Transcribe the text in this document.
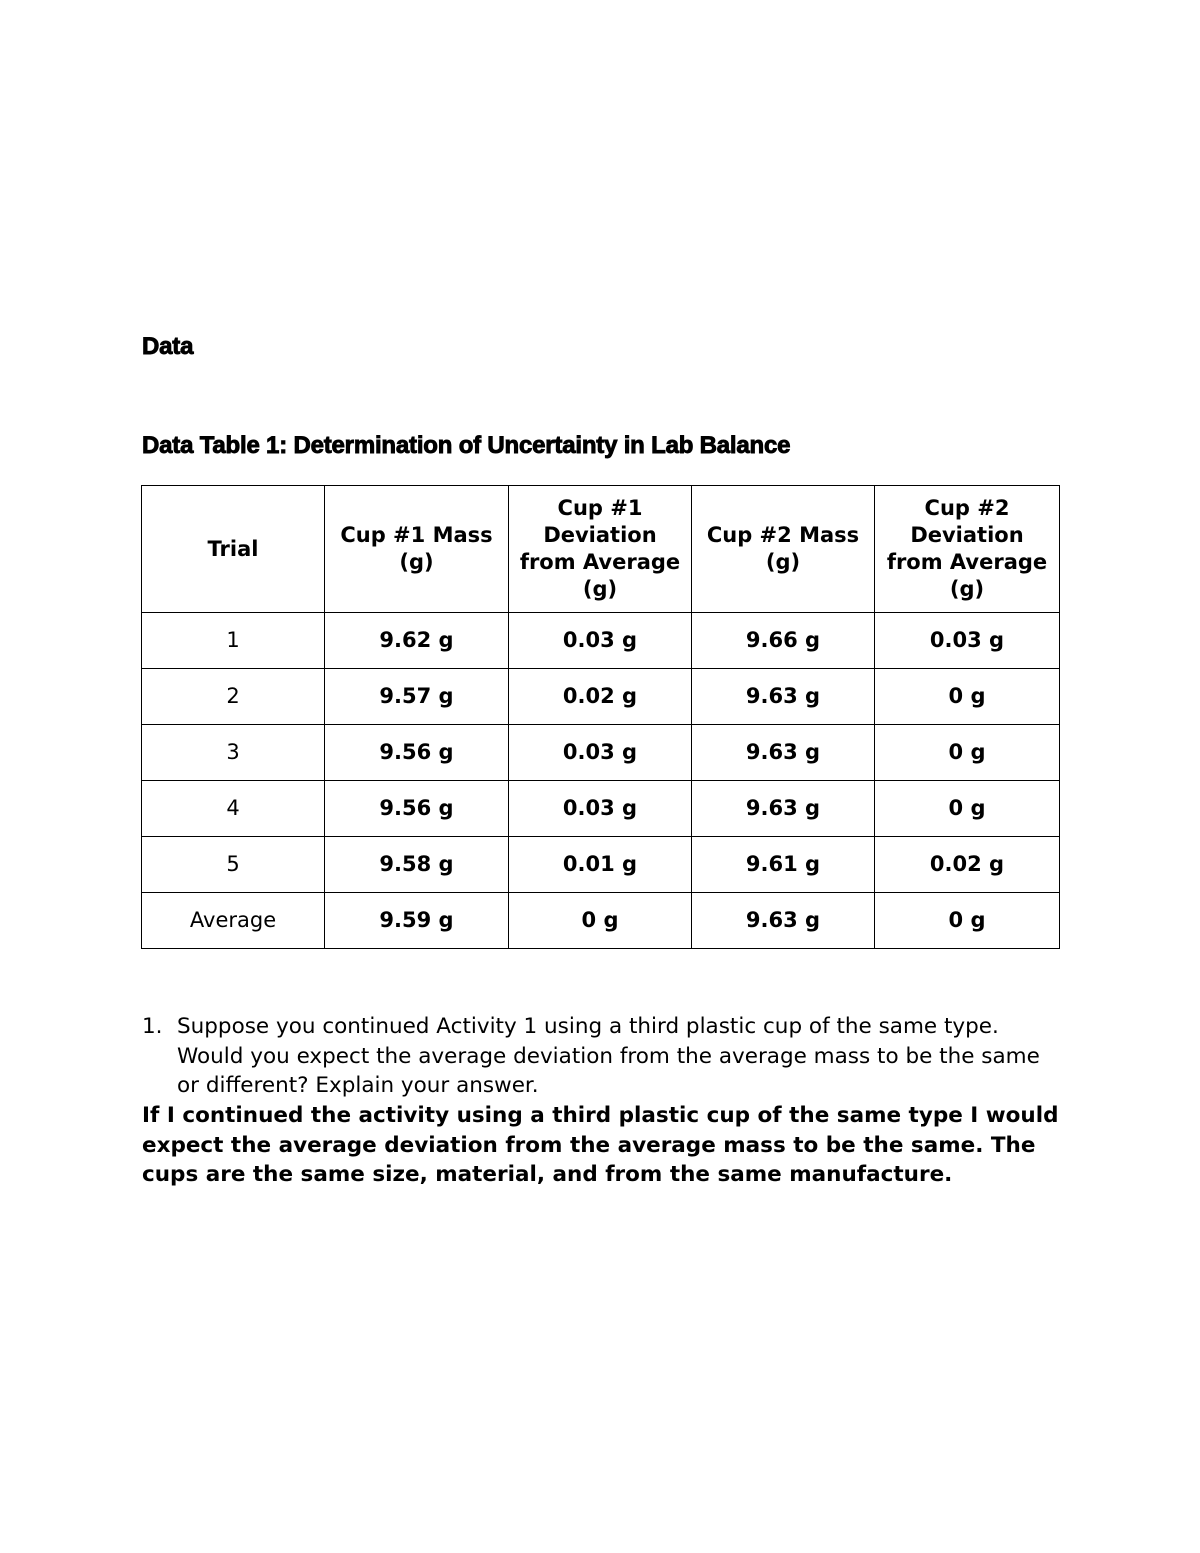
Data
Data Table 1: Determination of Uncertainty in Lab Balance
Trial	Cup #1 Mass (g)	Cup #1 Deviation from Average (g)	Cup #2 Mass (g)	Cup #2 Deviation from Average (g)
1	9.62 g	0.03 g	9.66 g	0.03 g
2	9.57 g	0.02 g	9.63 g	0 g
3	9.56 g	0.03 g	9.63 g	0 g
4	9.56 g	0.03 g	9.63 g	0 g
5	9.58 g	0.01 g	9.61 g	0.02 g
Average	9.59 g	0 g	9.63 g	0 g
1. Suppose you continued Activity 1 using a third plastic cup of the same type. Would you expect the average deviation from the average mass to be the same or different? Explain your answer.

If I continued the activity using a third plastic cup of the same type I would expect the average deviation from the average mass to be the same. The cups are the same size, material, and from the same manufacture.
